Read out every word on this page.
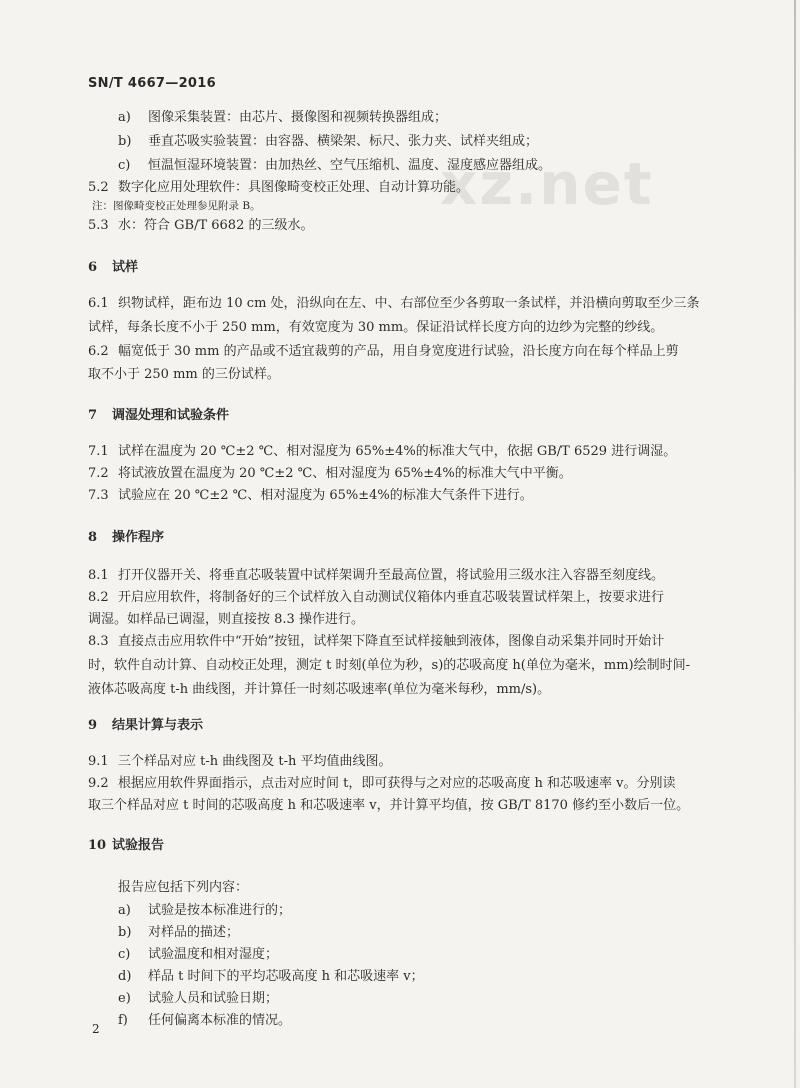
xz.net
SN/T 4667—2016
a) 图像采集装置：由芯片、摄像图和视频转换器组成；
b) 垂直芯吸实验装置：由容器、横梁架、标尺、张力夹、试样夹组成；
c) 恒温恒湿环境装置：由加热丝、空气压缩机、温度、湿度感应器组成。
5.2 数字化应用处理软件：具图像畸变校正处理、自动计算功能。
注：图像畸变校正处理参见附录 B。
5.3 水：符合 GB/T 6682 的三级水。
6 试样
6.1 织物试样，距布边 10 cm 处，沿纵向在左、中、右部位至少各剪取一条试样，并沿横向剪取至少三条
试样，每条长度不小于 250 mm，有效宽度为 30 mm。保证沿试样长度方向的边纱为完整的纱线。
6.2 幅宽低于 30 mm 的产品或不适宜裁剪的产品，用自身宽度进行试验，沿长度方向在每个样品上剪
取不小于 250 mm 的三份试样。
7 调湿处理和试验条件
7.1 试样在温度为 20 ℃±2 ℃、相对湿度为 65%±4%的标准大气中，依据 GB/T 6529 进行调湿。
7.2 将试液放置在温度为 20 ℃±2 ℃、相对湿度为 65%±4%的标准大气中平衡。
7.3 试验应在 20 ℃±2 ℃、相对湿度为 65%±4%的标准大气条件下进行。
8 操作程序
8.1 打开仪器开关、将垂直芯吸装置中试样架调升至最高位置，将试验用三级水注入容器至刻度线。
8.2 开启应用软件，将制备好的三个试样放入自动测试仪箱体内垂直芯吸装置试样架上，按要求进行
调湿。如样品已调湿，则直接按 8.3 操作进行。
8.3 直接点击应用软件中“开始”按钮，试样架下降直至试样接触到液体，图像自动采集并同时开始计
时，软件自动计算、自动校正处理，测定 t 时刻(单位为秒，s)的芯吸高度 h(单位为毫米，mm)绘制时间-
液体芯吸高度 t-h 曲线图，并计算任一时刻芯吸速率(单位为毫米每秒，mm/s)。
9 结果计算与表示
9.1 三个样品对应 t-h 曲线图及 t-h 平均值曲线图。
9.2 根据应用软件界面指示，点击对应时间 t，即可获得与之对应的芯吸高度 h 和芯吸速率 v。分别读
取三个样品对应 t 时间的芯吸高度 h 和芯吸速率 v，并计算平均值，按 GB/T 8170 修约至小数后一位。
10 试验报告
报告应包括下列内容：
a) 试验是按本标准进行的；
b) 对样品的描述；
c) 试验温度和相对湿度；
d) 样品 t 时间下的平均芯吸高度 h 和芯吸速率 v；
e) 试验人员和试验日期；
f) 任何偏离本标准的情况。
2
